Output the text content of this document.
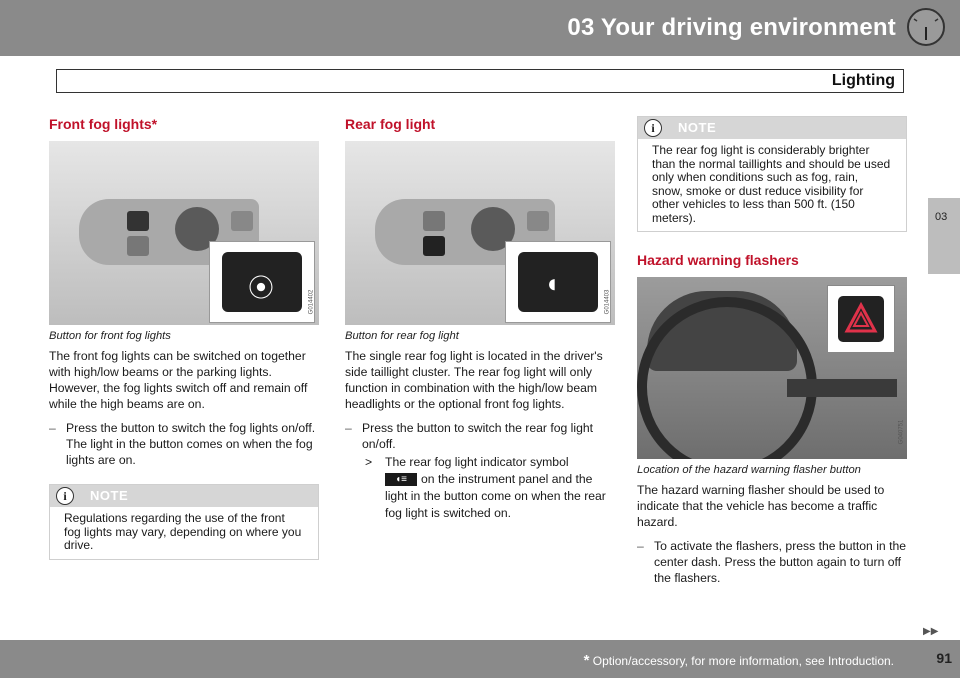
03 Your driving environment
Lighting
03
Front fog lights*
⦿	G014402
Button for front fog lights

The front fog lights can be switched on together with high/low beams or the parking lights. However, the fog lights switch off and remain off while the high beams are on.

– Press the button to switch the fog lights on/off. The light in the button comes on when the fog lights are on.
i	NOTE
Regulations regarding the use of the front fog lights may vary, depending on where you drive.
Rear fog light
◖
G014403
Button for rear fog light

The single rear fog light is located in the driver's side taillight cluster. The rear fog light will only function in combination with the high/low beam headlights or the optional front fog lights.

– Press the button to switch the rear fog light on/off.
> The rear fog light indicator symbol
◖≡ on the instrument panel and the light in the button come on when the rear fog light is switched on.
i	NOTE
The rear fog light is considerably brighter than the normal taillights and should be used only when conditions such as fog, rain, snow, smoke or dust reduce visibility for other vehicles to less than 500 ft. (150 meters).
Hazard warning flashers
G040751
Location of the hazard warning flasher button

The hazard warning flasher should be used to indicate that the vehicle has become a traffic hazard.

– To activate the flashers, press the button in the center dash. Press the button again to turn off the flashers.
▶▶
* Option/accessory, for more information, see Introduction.	91
